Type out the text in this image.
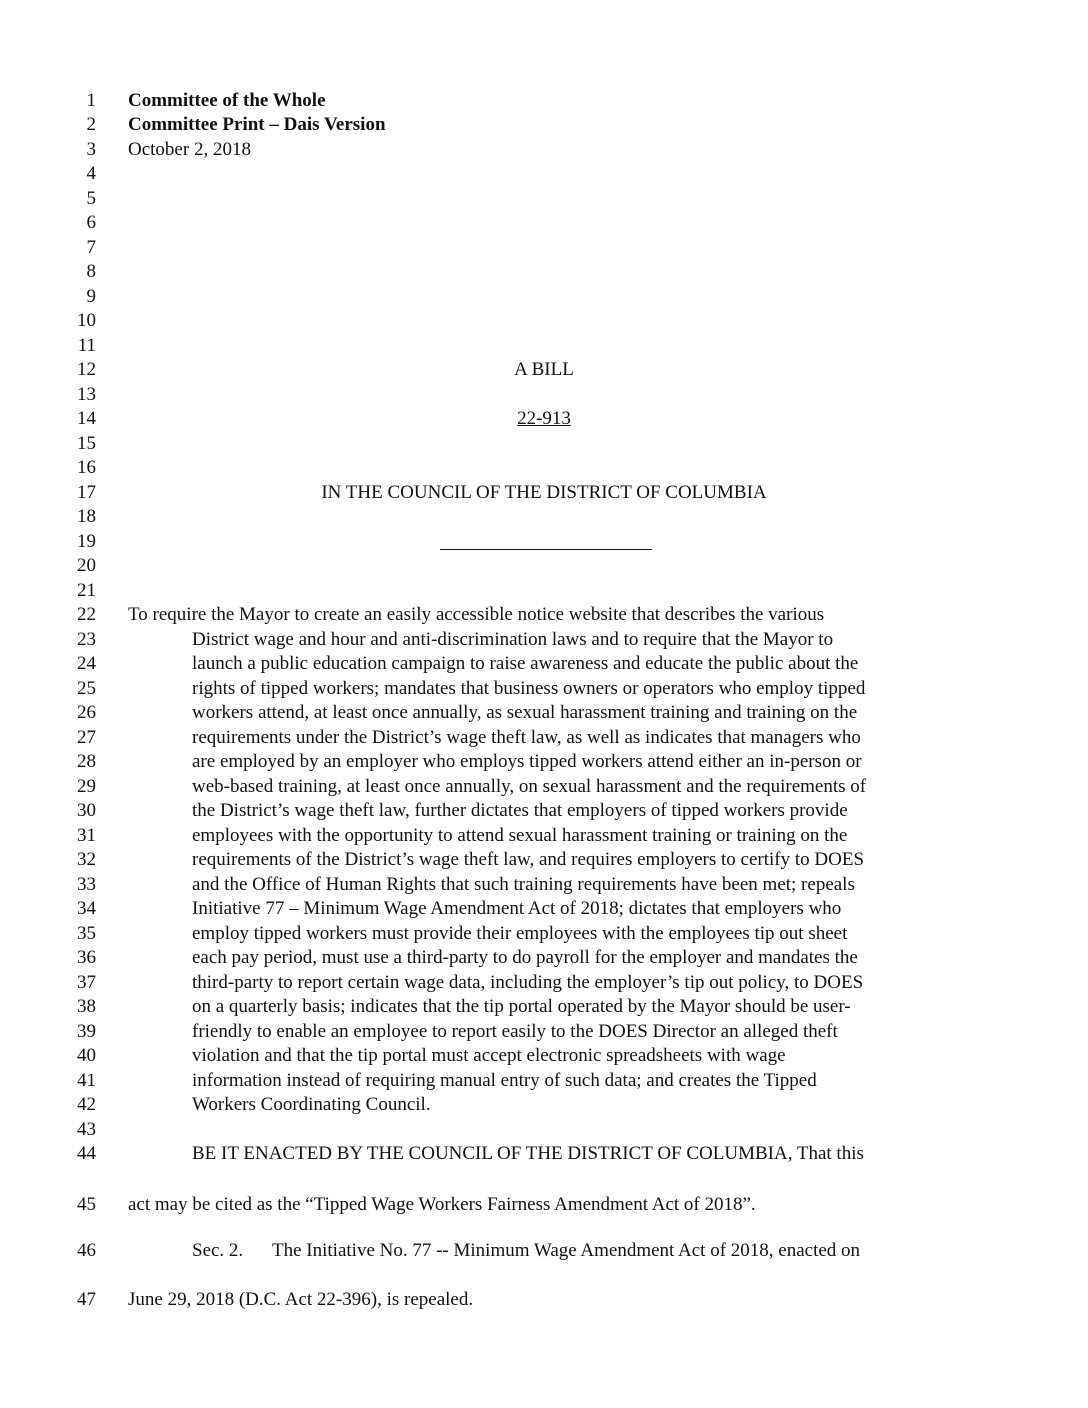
1
2
3
4
5
6
7
8
9
10
11
12
13
14
15
16
17
18
19
20
21
22
23
24
25
26
27
28
29
30
31
32
33
34
35
36
37
38
39
40
41
42
43
44
45
46
47
Committee of the Whole
Committee Print – Dais Version
October 2, 2018
A BILL
22-913
IN THE COUNCIL OF THE DISTRICT OF COLUMBIA
To require the Mayor to create an easily accessible notice website that describes the various
District wage and hour and anti-discrimination laws and to require that the Mayor to
launch a public education campaign to raise awareness and educate the public about the
rights of tipped workers; mandates that business owners or operators who employ tipped
workers attend, at least once annually, as sexual harassment training and training on the
requirements under the District’s wage theft law, as well as indicates that managers who
are employed by an employer who employs tipped workers attend either an in-person or
web-based training, at least once annually, on sexual harassment and the requirements of
the District’s wage theft law, further dictates that employers of tipped workers provide
employees with the opportunity to attend sexual harassment training or training on the
requirements of the District’s wage theft law, and requires employers to certify to DOES
and the Office of Human Rights that such training requirements have been met; repeals
Initiative 77 – Minimum Wage Amendment Act of 2018; dictates that employers who
employ tipped workers must provide their employees with the employees tip out sheet
each pay period, must use a third-party to do payroll for the employer and mandates the
third-party to report certain wage data, including the employer’s tip out policy, to DOES
on a quarterly basis; indicates that the tip portal operated by the Mayor should be user-
friendly to enable an employee to report easily to the DOES Director an alleged theft
violation and that the tip portal must accept electronic spreadsheets with wage
information instead of requiring manual entry of such data; and creates the Tipped
Workers Coordinating Council.
BE IT ENACTED BY THE COUNCIL OF THE DISTRICT OF COLUMBIA, That this
act may be cited as the “Tipped Wage Workers Fairness Amendment Act of 2018”.
Sec. 2. The Initiative No. 77 -- Minimum Wage Amendment Act of 2018, enacted on
June 29, 2018 (D.C. Act 22-396), is repealed.
